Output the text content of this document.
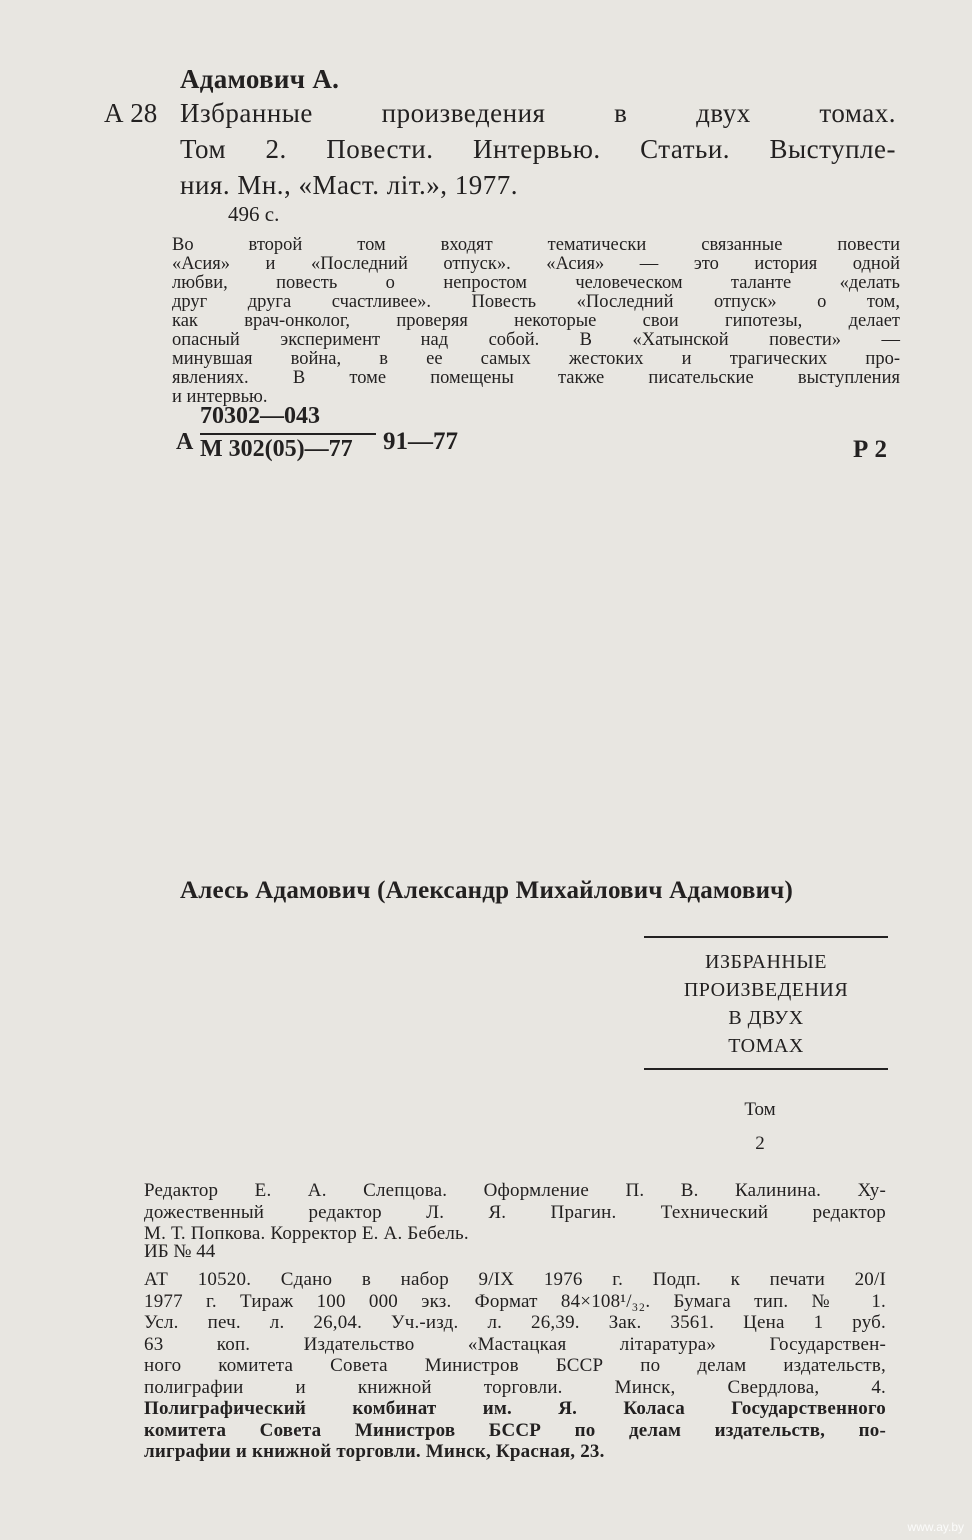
Адамович А.
А 28 Избранные произведения в двух томах.
Том 2. Повести. Интервью. Статьи. Выступле-
ния. Мн., «Маст. літ.», 1977.
496 с.
Во второй том входят тематически связанные повести
«Асия» и «Последний отпуск». «Асия» — это история одной
любви, повесть о непростом человеческом таланте «делать
друг друга счастливее». Повесть «Последний отпуск» о том,
как врач-онколог, проверяя некоторые свои гипотезы, делает
опасный эксперимент над собой. В «Хатынской повести» —
минувшая война, в ее самых жестоких и трагических про-
явлениях. В томе помещены также писательские выступления
и интервью.
А
70302—043
М 302(05)—77 91—77	Р 2
Алесь Адамович (Александр Михайлович Адамович)
ИЗБРАННЫЕ
ПРОИЗВЕДЕНИЯ
В ДВУХ
ТОМАХ
Том
2
Редактор Е. А. Слепцова. Оформление П. В. Калинина. Ху-
дожественный редактор Л. Я. Прагин. Технический редактор
М. Т. Попкова. Корректор Е. А. Бебель.
ИБ № 44
АТ 10520. Сдано в набор 9/IX 1976 г. Подп. к печати 20/I
1977 г. Тираж 100 000 экз. Формат 84×108¹/₃₂. Бумага тип. № 1.
Усл. печ. л. 26,04. Уч.-изд. л. 26,39. Зак. 3561. Цена 1 руб.
63 коп. Издательство «Мастацкая літаратура» Государствен-
ного комитета Совета Министров БССР по делам издательств,
полиграфии и книжной торговли. Минск, Свердлова, 4.
Полиграфический комбинат им. Я. Коласа Государственного
комитета Совета Министров БССР по делам издательств, по-
лиграфии и книжной торговли. Минск, Красная, 23.
www.ay.by
